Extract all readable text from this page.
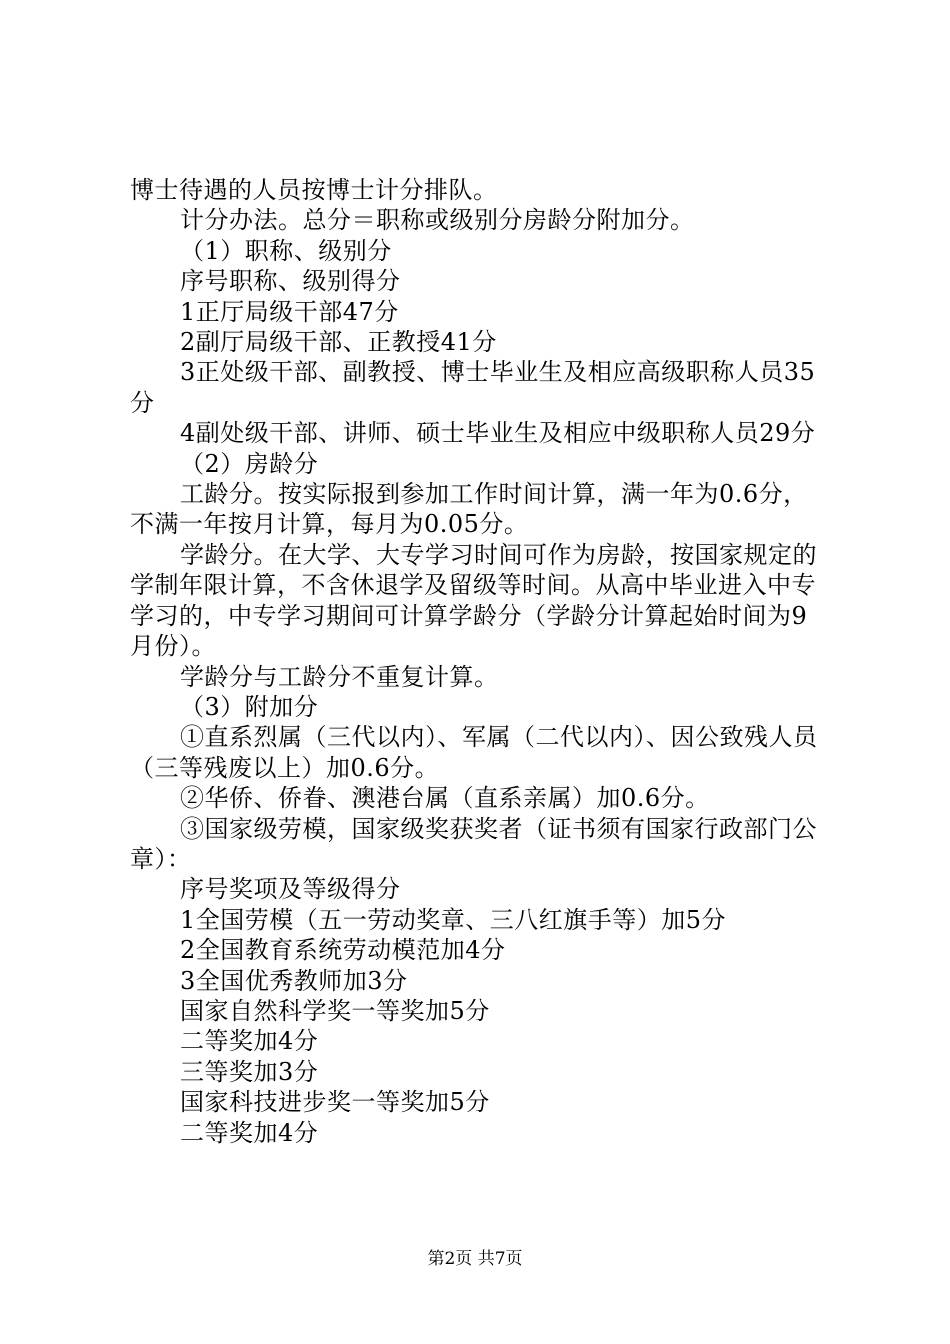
博士待遇的人员按博士计分排队。

计分办法。总分＝职称或级别分房龄分附加分。

（1）职称、级别分

序号职称、级别得分

1正厅局级干部47分

2副厅局级干部、正教授41分

3正处级干部、副教授、博士毕业生及相应高级职称人员35分

4副处级干部、讲师、硕士毕业生及相应中级职称人员29分

（2）房龄分

工龄分。按实际报到参加工作时间计算，满一年为0.6分，不满一年按月计算，每月为0.05分。

学龄分。在大学、大专学习时间可作为房龄，按国家规定的学制年限计算，不含休退学及留级等时间。从高中毕业进入中专学习的，中专学习期间可计算学龄分（学龄分计算起始时间为9月份）。

学龄分与工龄分不重复计算。

（3）附加分

①直系烈属（三代以内）、军属（二代以内）、因公致残人员（三等残废以上）加0.6分。

②华侨、侨眷、澳港台属（直系亲属）加0.6分。

③国家级劳模，国家级奖获奖者（证书须有国家行政部门公章）：

序号奖项及等级得分

1全国劳模（五一劳动奖章、三八红旗手等）加5分

2全国教育系统劳动模范加4分

3全国优秀教师加3分

国家自然科学奖一等奖加5分

二等奖加4分

三等奖加3分

国家科技进步奖一等奖加5分

二等奖加4分

第2页 共7页
